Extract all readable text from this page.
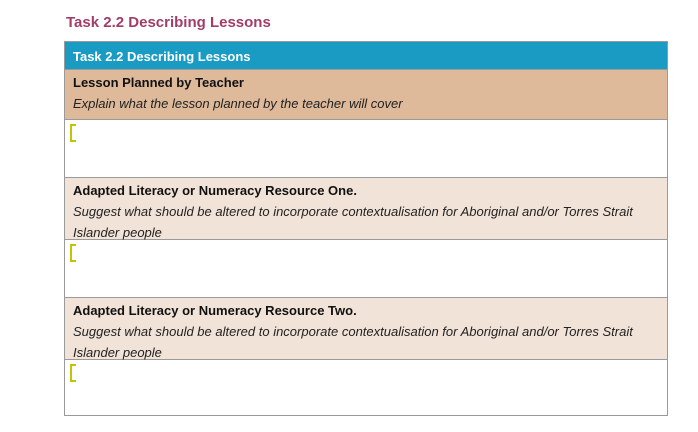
Task 2.2 Describing Lessons
Task 2.2 Describing Lessons
Lesson Planned by Teacher
Explain what the lesson planned by the teacher will cover
Adapted Literacy or Numeracy Resource One.
Suggest what should be altered to incorporate contextualisation for Aboriginal and/or Torres Strait Islander people
Adapted Literacy or Numeracy Resource Two.
Suggest what should be altered to incorporate contextualisation for Aboriginal and/or Torres Strait Islander people
